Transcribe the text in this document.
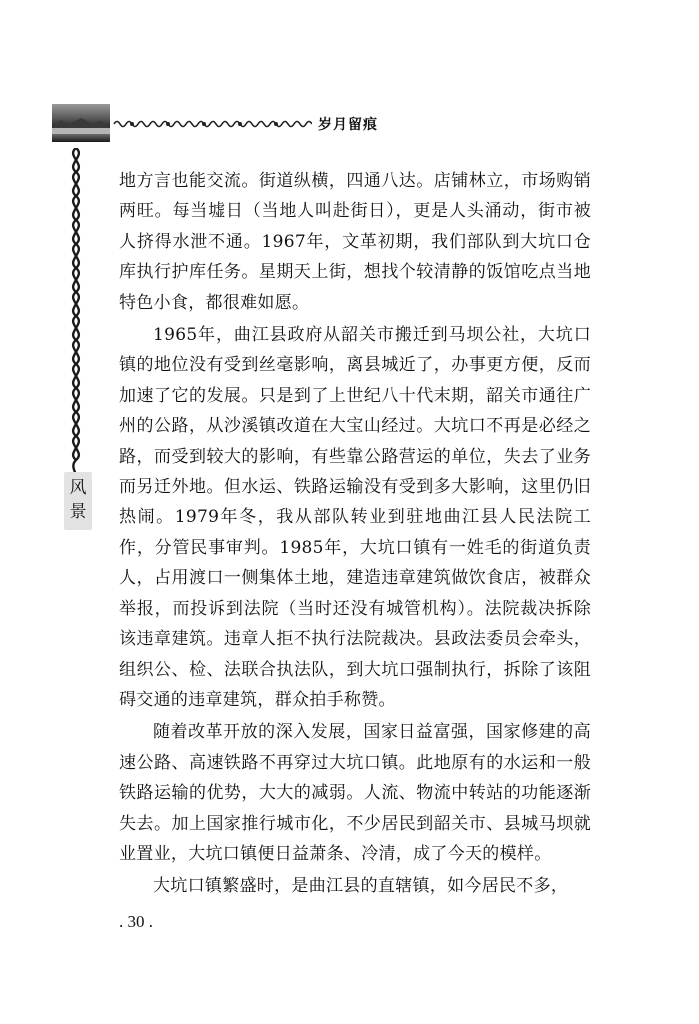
岁月留痕
风
景

地方言也能交流。街道纵横，四通八达。店铺林立，市场购销两旺。每当墟日（当地人叫赴街日），更是人头涌动，街市被人挤得水泄不通。1967年，文革初期，我们部队到大坑口仓库执行护库任务。星期天上街，想找个较清静的饭馆吃点当地特色小食，都很难如愿。

1965年，曲江县政府从韶关市搬迁到马坝公社，大坑口镇的地位没有受到丝毫影响，离县城近了，办事更方便，反而加速了它的发展。只是到了上世纪八十代末期，韶关市通往广州的公路，从沙溪镇改道在大宝山经过。大坑口不再是必经之路，而受到较大的影响，有些靠公路营运的单位，失去了业务而另迁外地。但水运、铁路运输没有受到多大影响，这里仍旧热闹。1979年冬，我从部队转业到驻地曲江县人民法院工作，分管民事审判。1985年，大坑口镇有一姓毛的街道负责人，占用渡口一侧集体土地，建造违章建筑做饮食店，被群众举报，而投诉到法院（当时还没有城管机构）。法院裁决拆除该违章建筑。违章人拒不执行法院裁决。县政法委员会牵头，组织公、检、法联合执法队，到大坑口强制执行，拆除了该阻碍交通的违章建筑，群众拍手称赞。

随着改革开放的深入发展，国家日益富强，国家修建的高速公路、高速铁路不再穿过大坑口镇。此地原有的水运和一般铁路运输的优势，大大的减弱。人流、物流中转站的功能逐渐失去。加上国家推行城市化，不少居民到韶关市、县城马坝就业置业，大坑口镇便日益萧条、冷清，成了今天的模样。

大坑口镇繁盛时，是曲江县的直辖镇，如今居民不多，

. 30 .
